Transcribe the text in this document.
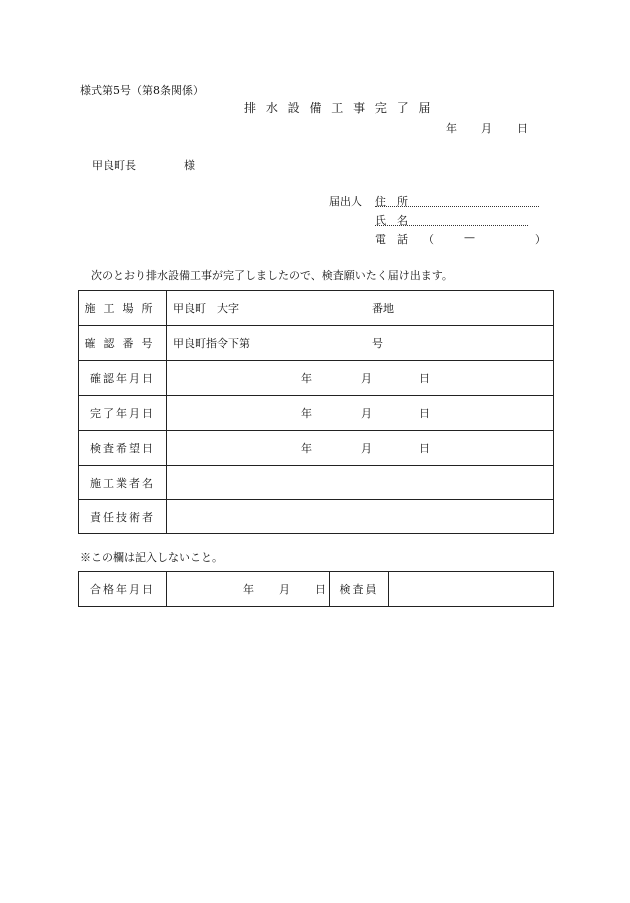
様式第5号（第8条関係）
排 水 設 備 工 事 完 了 届
年 月 日
甲良町長	様
届出人 住　所
氏　名
電　話 （	—	）
次のとおり排水設備工事が完了しましたので、検査願いたく届け出ます。
施工場所	甲良町　大字 番地

確認番号	甲良町指令下第 号

確認年月日	年 月 日

完了年月日	年 月 日

検査希望日	年 月 日

施工業者名	
責任技術者	
※この欄は記入しないこと。
合格年月日	年 月 日	検査員	
